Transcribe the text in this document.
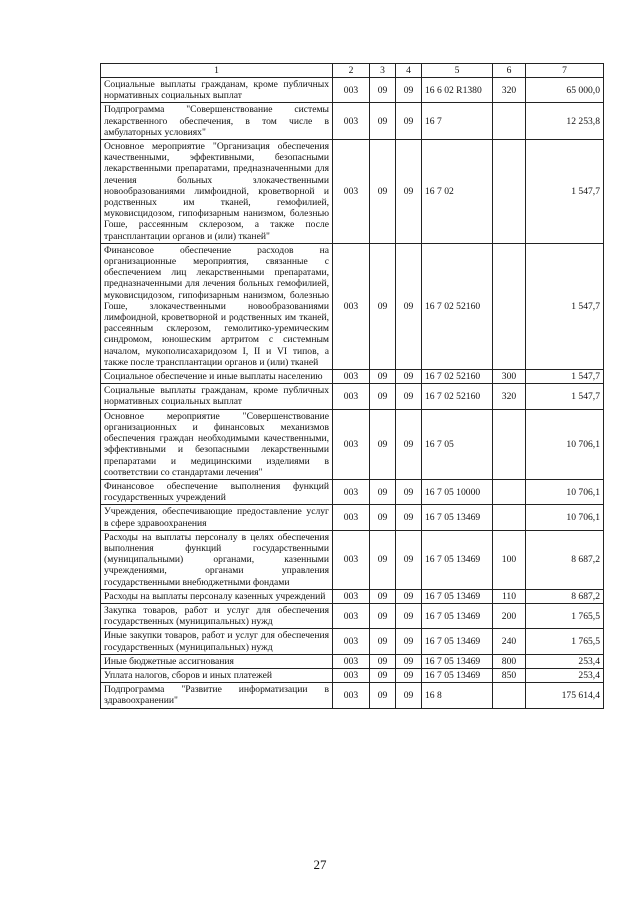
1	2	3	4	5	6	7
Социальные выплаты гражданам, кроме публичных нормативных социальных выплат	003	09	09	16 6 02 R1380	320	65 000,0
Подпрограмма "Совершенствование системы лекарственного обеспечения, в том числе в амбулаторных условиях"	003	09	09	16 7		12 253,8
Основное мероприятие "Организация обеспечения качественными, эффективными, безопасными лекарственными препаратами, предназначенными для лечения больных злокачественными новообразованиями лимфоидной, кроветворной и родственных им тканей, гемофилией, муковисцидозом, гипофизарным нанизмом, болезнью Гоше, рассеянным склерозом, а также после трансплантации органов и (или) тканей"	003	09	09	16 7 02		1 547,7
Финансовое обеспечение расходов на организационные мероприятия, связанные с обеспечением лиц лекарственными препаратами, предназначенными для лечения больных гемофилией, муковисцидозом, гипофизарным нанизмом, болезнью Гоше, злокачественными новообразованиями лимфоидной, кроветворной и родственных им тканей, рассеянным склерозом, гемолитико-уремическим синдромом, юношеским артритом с системным началом, мукополисахаридозом I, II и VI типов, а также после трансплантации органов и (или) тканей	003	09	09	16 7 02 52160		1 547,7
Социальное обеспечение и иные выплаты населению	003	09	09	16 7 02 52160	300	1 547,7
Социальные выплаты гражданам, кроме публичных нормативных социальных выплат	003	09	09	16 7 02 52160	320	1 547,7
Основное мероприятие "Совершенствование организационных и финансовых механизмов обеспечения граждан необходимыми качественными, эффективными и безопасными лекарственными препаратами и медицинскими изделиями в соответствии со стандартами лечения"	003	09	09	16 7 05		10 706,1
Финансовое обеспечение выполнения функций государственных учреждений	003	09	09	16 7 05 10000		10 706,1
Учреждения, обеспечивающие предоставление услуг в сфере здравоохранения	003	09	09	16 7 05 13469		10 706,1
Расходы на выплаты персоналу в целях обеспечения выполнения функций государственными (муниципальными) органами, казенными учреждениями, органами управления государственными внебюджетными фондами	003	09	09	16 7 05 13469	100	8 687,2
Расходы на выплаты персоналу казенных учреждений	003	09	09	16 7 05 13469	110	8 687,2
Закупка товаров, работ и услуг для обеспечения государственных (муниципальных) нужд	003	09	09	16 7 05 13469	200	1 765,5
Иные закупки товаров, работ и услуг для обеспечения государственных (муниципальных) нужд	003	09	09	16 7 05 13469	240	1 765,5
Иные бюджетные ассигнования	003	09	09	16 7 05 13469	800	253,4
Уплата налогов, сборов и иных платежей	003	09	09	16 7 05 13469	850	253,4
Подпрограмма "Развитие информатизации в здравоохранении"	003	09	09	16 8		175 614,4
27
